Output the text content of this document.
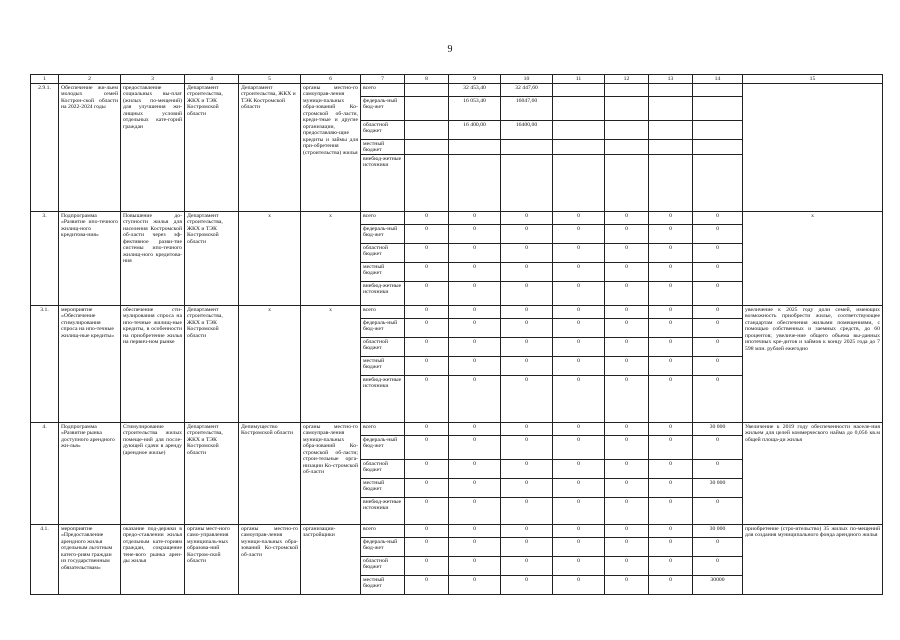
9
1	2	3	4	5	6	7	8	9	10	11	12	13	14	15
2.9.1.	Обеспечение жи-льем молодых семей Кострон-ской области на 2022-2024 годы	предоставление социальных вы-плат (жилых по-мещений) для улучшения жи-лищных условий отдельных кате-горий граждан	Департамент строительства, ЖКХ и ТЭК Костромской области	Департамент строительства, ЖКХ и ТЭК Костромской области	органы местно-го самоуправ-ления муници-пальных обра-зований Ко-стромской об-ласти, креди-тные и другие организации, предоставляю-щие кредиты и займы для при-обретения (строительства) жилья	всего		32 453,40	32 447,60					
						федераль-ный бюд-жет		16 053,40	16047,60					
						областной бюджет		16 400,00	16400,00					
						местный бюджет								
						внебюд-жетные источники								
3.	Подпрограмма «Развитие ипо-течного жилищ-ного кредитова-ния»	Повышение до-ступности жилья для населения Костромской об-ласти через эф-фективное разви-тие системы ипо-течного жилищ-ного кредитова-ния	Департамент строительства, ЖКХ и ТЭК Костромской области	х	х	всего	0	0	0	0	0	0	0	х
						федераль-ный бюд-жет	0	0	0	0	0	0	0	
						областной бюджет	0	0	0	0	0	0	0	
						местный бюджет	0	0	0	0	0	0	0	
						внебюд-жетные источники	0	0	0	0	0	0	0	
3.1.	мероприятие «Обеспечение стимулирования спроса на ипо-течные жилищ-ные кредиты»	обеспечение сти-мулирования спроса на ипо-течные жилищ-ные кредиты, в особенности на приобретение жилья на первич-ном рынке	Департамент строительства, ЖКХ и ТЭК Костромской области	х	х	всего	0	0	0	0	0	0	0	увеличение к 2025 году доли семей, имеющих возможность приобрести жилье, соответствующее стандартам обеспечения жилыми помещениями, с помощью собственных и заемных средств, до 60 процентов; увеличе-ние общего объема вы-данных ипотечных кре-дитов и займов к концу 2025 года до 7 598 млн. рублей ежегодно
						федераль-ный бюд-жет	0	0	0	0	0	0	0	
						областной бюджет	0	0	0	0	0	0	0	
						местный бюджет	0	0	0	0	0	0	0	
						внебюд-жетные источники	0	0	0	0	0	0	0	
4.	Подпрограмма «Развитие рынка доступного арендного жи-лья»	Стимулирование строительства жилых помеще-ний для после-дующей сдачи в аренду (арендное жилье)	Департамент строительства, ЖКХ и ТЭК Костромской области	Депимущество Костромской области	органы местно-го самоуправ-ления муници-пальных обра-зований Ко-стромской об-ласти; строи-тельные орга-низации Ко-стромской об-ласти	всего	0	0	0	0	0	0	30 000	Увеличение к 2019 году обеспеченности населе-ния жильем для целей коммерческого найма до 0,056 кв.м общей площа-ди жилья
						федераль-ный бюд-жет	0	0	0	0	0	0	0	
						областной бюджет	0	0	0	0	0	0	0	
						местный бюджет	0	0	0	0	0	0	30 000	
						внебюд-жетные источники	0	0	0	0	0	0	0	
4.1.	мероприятие «Предоставление арендного жилья отдельным льготным катего-риям граждан из государственным обязательствам»	оказание под-держки в предо-ставлении жилья отдельным кате-гориям граждан, сокращение тене-вого рынка арен-ды жилья	органы мест-ного само-управления муниципаль-ных образова-ний Костром-ской области	органы местно-го самоуправ-ления муници-пальных обра-зований Ко-стромской об-ласти	организации-застройщики	всего	0	0	0	0	0	0	30 000	приобретение (стро-ительство) 35 жилых по-мещений для создания муниципального фонда арендного жилья
						федераль-ный бюд-жет	0	0	0	0	0	0	0	
						областной бюджет	0	0	0	0	0	0	0	
						местный бюджет	0	0	0	0	0	0	30000	
